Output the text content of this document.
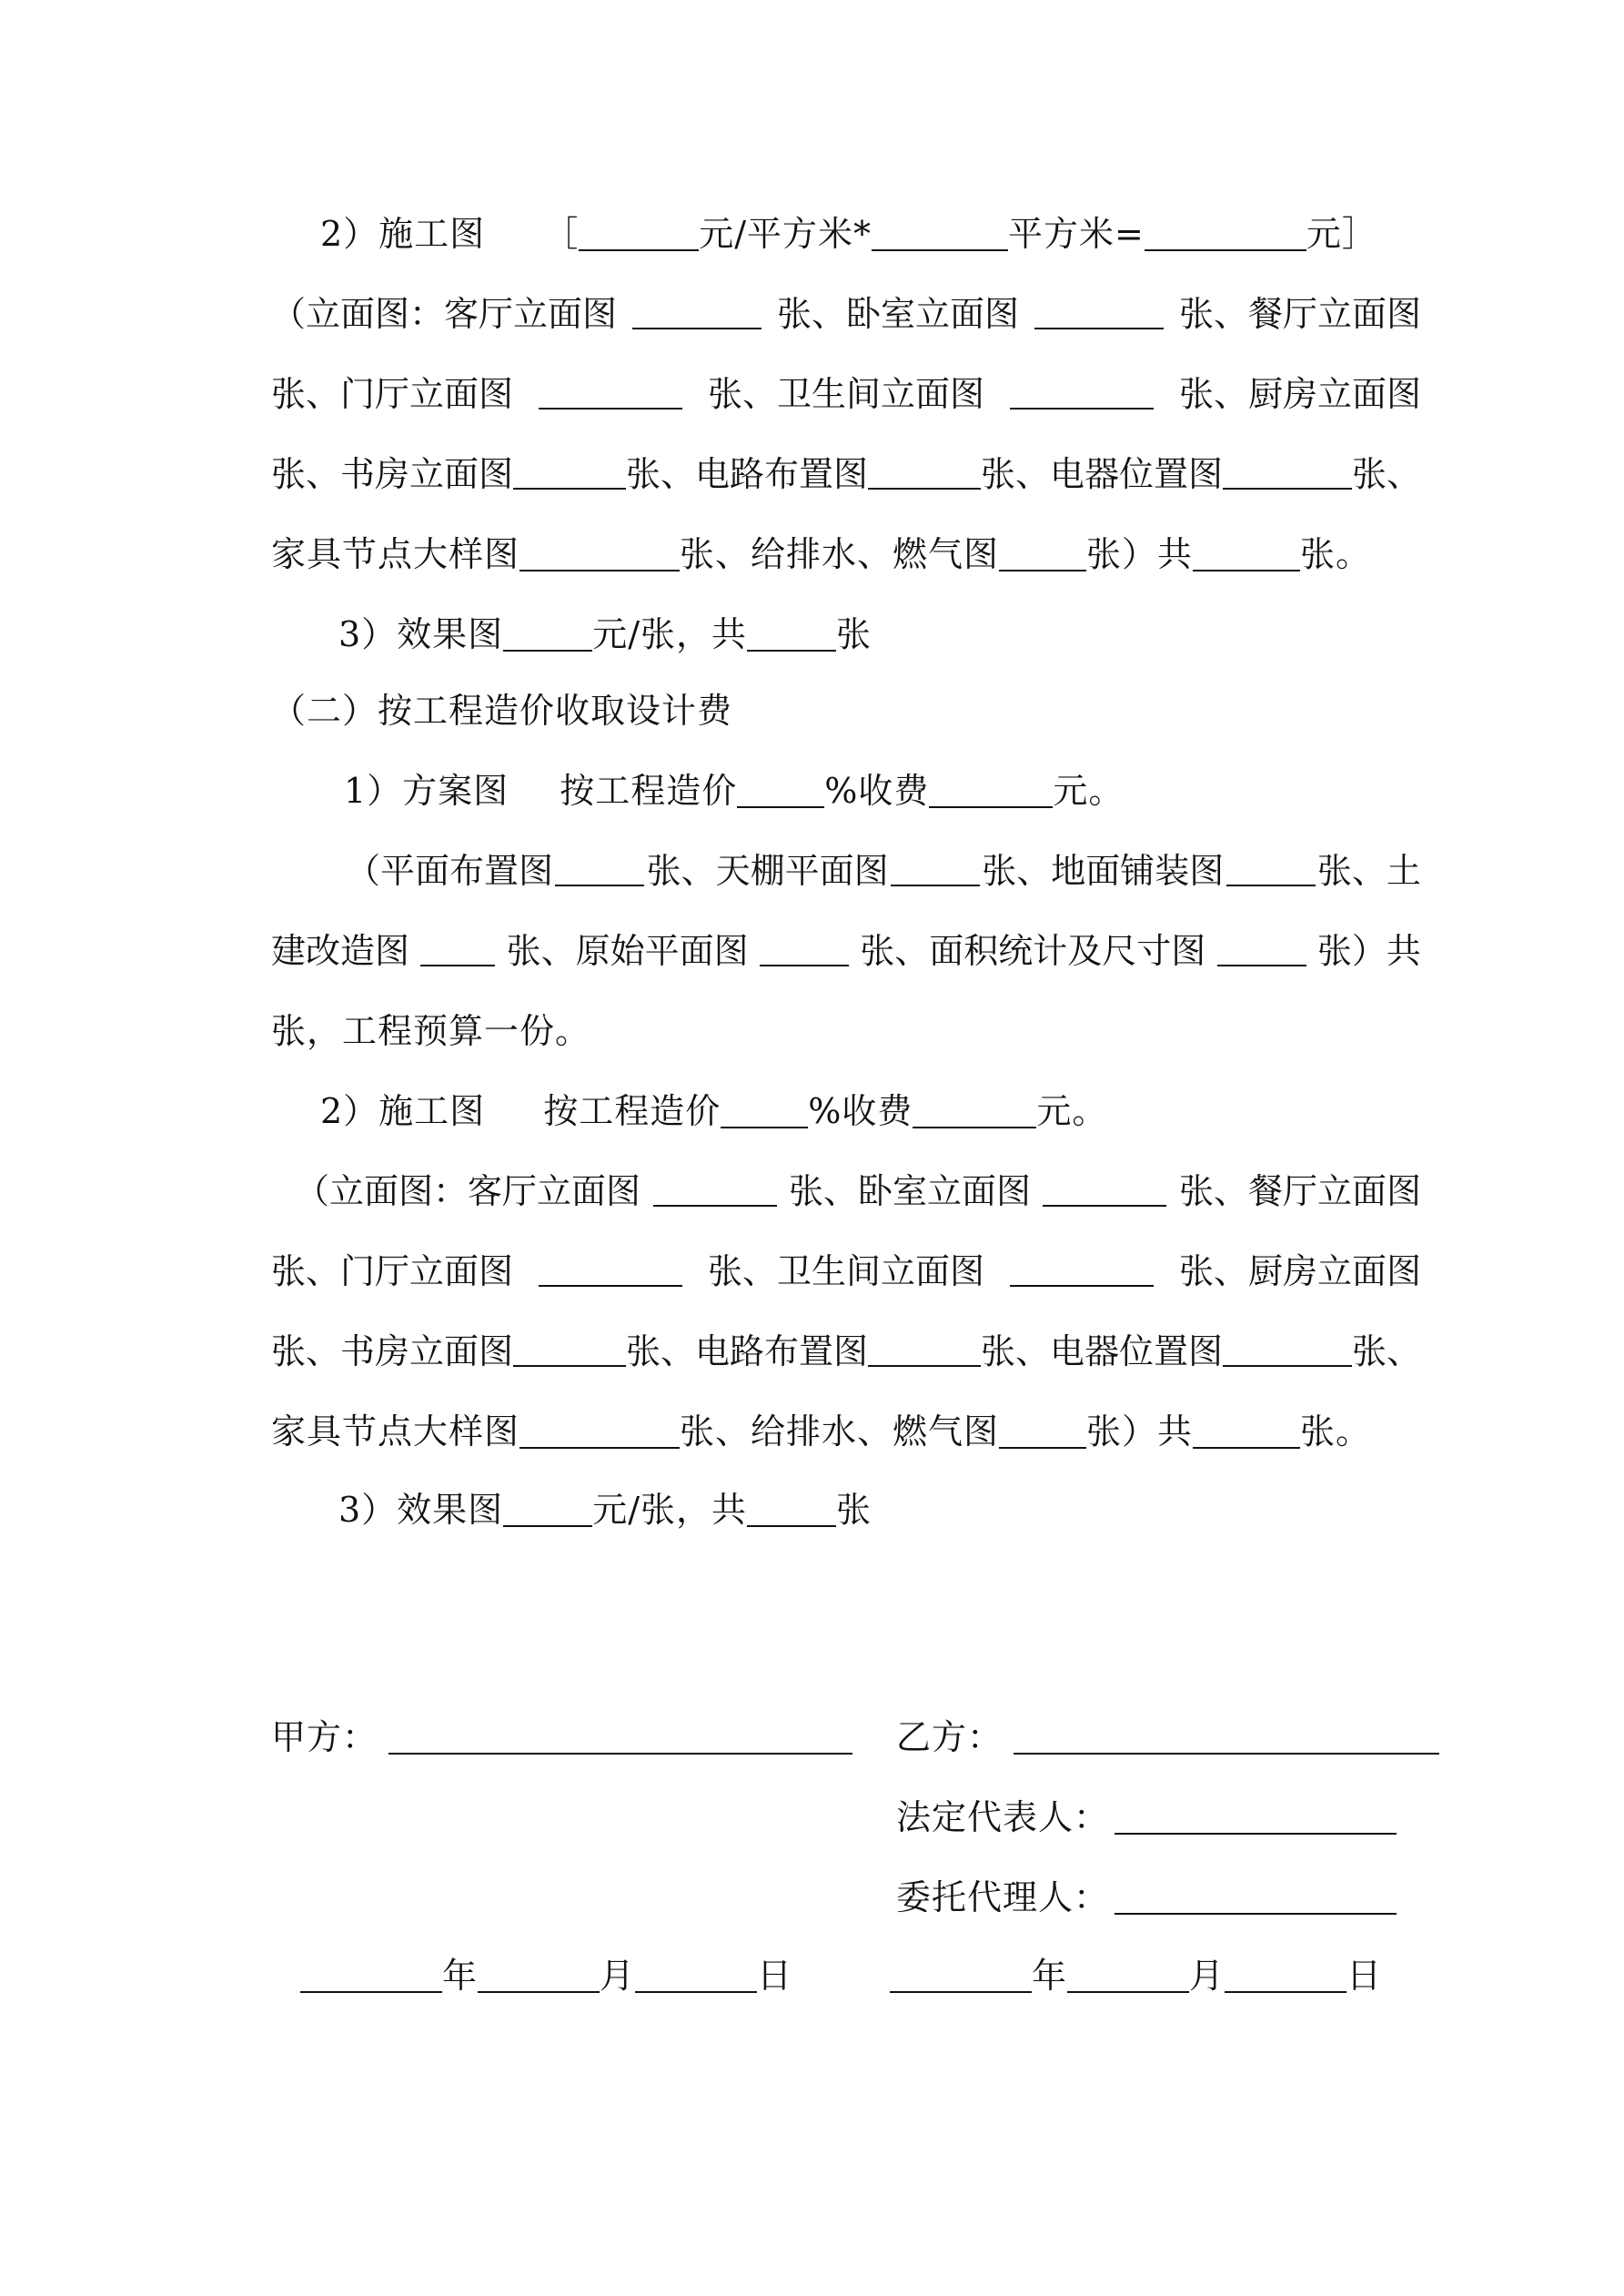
2）施工图 ［	元/平方米*	平方米=	元］
（立面图：客厅立面图	张、卧室立面图	张、餐厅立面图
张、门厅立面图	张、卫生间立面图	张、厨房立面图
张、书房立面图	张、电路布置图	张、电器位置图	张、
家具节点大样图	张、给排水、燃气图	张）共	张。
3）效果图	元/张，共	张
（二）按工程造价收取设计费
1）方案图 按工程造价	%收费	元。
（平面布置图	张、天棚平面图	张、地面铺装图	张、土
建改造图	张、原始平面图	张、面积统计及尺寸图	张）共
张，工程预算一份。
2）施工图 按工程造价	%收费	元。
（立面图：客厅立面图	张、卧室立面图	张、餐厅立面图
张、门厅立面图	张、卫生间立面图	张、厨房立面图
张、书房立面图	张、电路布置图	张、电器位置图	张、
家具节点大样图	张、给排水、燃气图	张）共	张。
3）效果图	元/张，共	张
甲方：	乙方：
法定代表人：
委托代理人：
年	月	日	年	月	日
